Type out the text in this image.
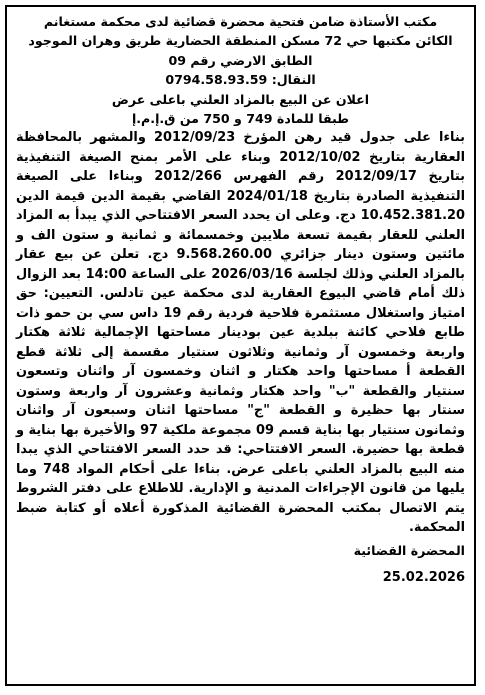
مكتب الأستاذة ضامن فتحية محضرة قضائية لدى محكمة مستغانم
الكائن مكتبها حي 72 مسكن المنطقة الحضارية طريق وهران الموجود
الطابق الارضي رقم 09
النقال: 0794.58.93.59
اعلان عن البيع بالمزاد العلني باعلى عرض
طبقا للمادة 749 و 750 من ق.إ.م.إ

بناءا على جدول قيد رهن المؤرخ 2012/09/23 والمشهر بالمحافظة العقارية بتاريخ 2012/10/02 وبناء على الأمر بمنح الصيغة التنفيذية بتاريخ 2012/09/17 رقم الفهرس 2012/266 وبناءا على الصيغة التنفيذية الصادرة بتاريخ 2024/01/18 القاضي بقيمة الدين قيمة الدين 10.452.381.20 دج. وعلى ان يحدد السعر الافتتاحي الذي يبدأ به المزاد العلني للعقار بقيمة تسعة ملايين وخمسمائة و ثمانية و ستون الف و مائتين وستون دينار جزائري 9.568.260.00 دج. تعلن عن بيع عقار بالمزاد العلني وذلك لجلسة 2026/03/16 على الساعة 14:00 بعد الزوال ذلك أمام قاضي البيوع العقارية لدى محكمة عين تادلس. التعيين: حق امتياز واستغلال مستثمرة فلاحية فردية رقم 19 داس سي بن حمو ذات طابع فلاحي كائنة ببلدية عين بودينار مساحتها الإجمالية ثلاثة هكتار واربعة وخمسون آر وثمانية وثلاثون سنتيار مقسمة إلى ثلاثة قطع القطعة أ مساحتها واحد هكتار و اثنان وخمسون آر واثنان وتسعون سنتيار والقطعة "ب" واحد هكتار وثمانية وعشرون آر واربعة وستون سنتار بها حظيرة و القطعة "ج" مساحتها اثنان وسبعون آر واثنان وثمانون سنتيار بها بناية قسم 09 مجموعة ملكية 97 والأخيرة بها بناية و قطعة بها حضيرة. السعر الافتتاحي: قد حدد السعر الافتتاحي الذي يبدا منه البيع بالمزاد العلني باعلى عرض. بناءا على أحكام المواد 748 وما يليها من قانون الإجراءات المدنية و الإدارية. للاطلاع على دفتر الشروط يتم الاتصال بمكتب المحضرة القضائية المذكورة أعلاه أو كتابة ضبط المحكمة.

المحضرة القضائية
25.02.2026
